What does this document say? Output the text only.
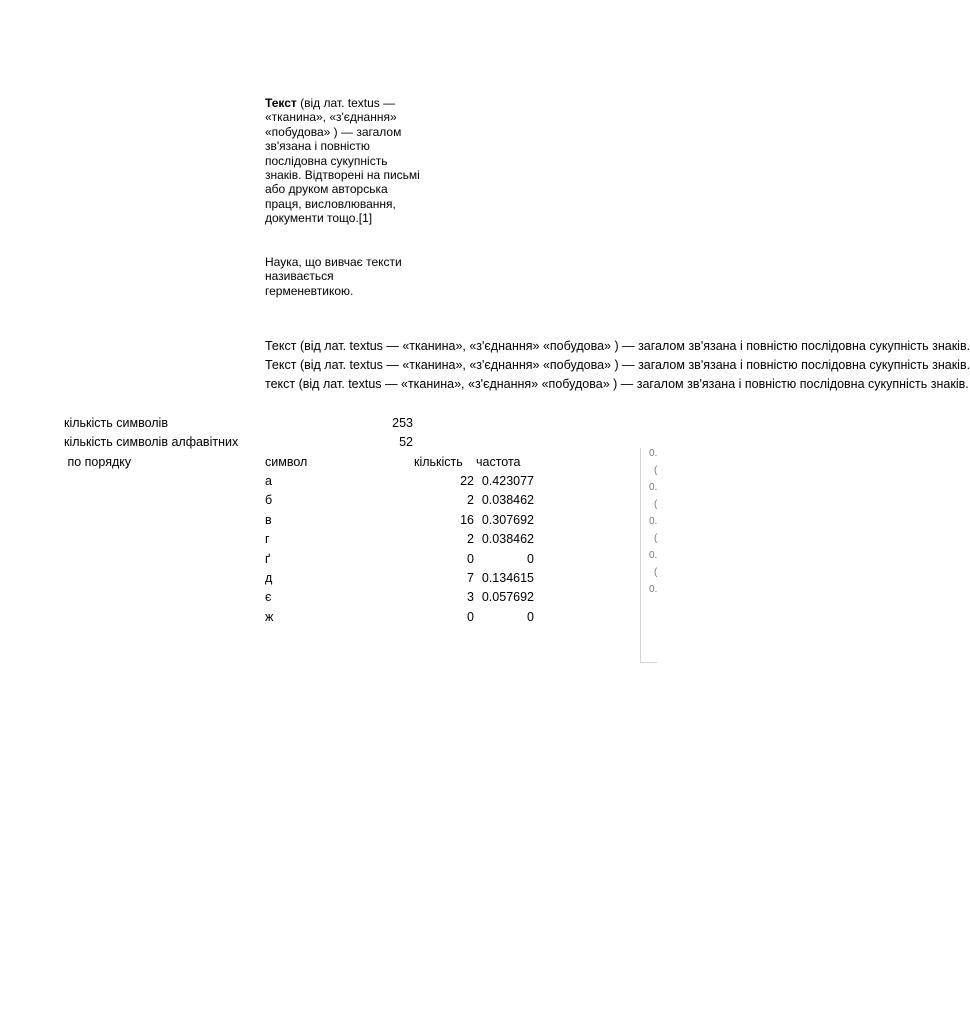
Текст (від лат. textus — «тканина», «з'єднання» «побудова» ) — загалом зв'язана і повністю послідовна сукупність знаків. Відтворені на письмі або друком авторська праця, висловлювання, документи тощо.[1]
Наука, що вивчає тексти називається герменевтикою.
Текст (від лат. textus — «тканина», «з'єднання» «побудова» ) — загалом зв'язана і повністю послідовна сукупність знаків.
Текст (від лат. textus — «тканина», «з'єднання» «побудова» ) — загалом зв'язана і повністю послідовна сукупність знаків.
текст (від лат. textus — «тканина», «з'єднання» «побудова» ) — загалом зв'язана і повністю послідовна сукупність знаків.
кількість символів	253
кількість символів алфавітних	52
по порядку	символ	кількість частота
а	22 0.423077
б	2 0.038462
в	16 0.307692
г	2 0.038462
ґ	0	0
д	7 0.134615
є	3 0.057692
ж	0	0
0.
(
0.
(
0.
(
0.
(
0.
